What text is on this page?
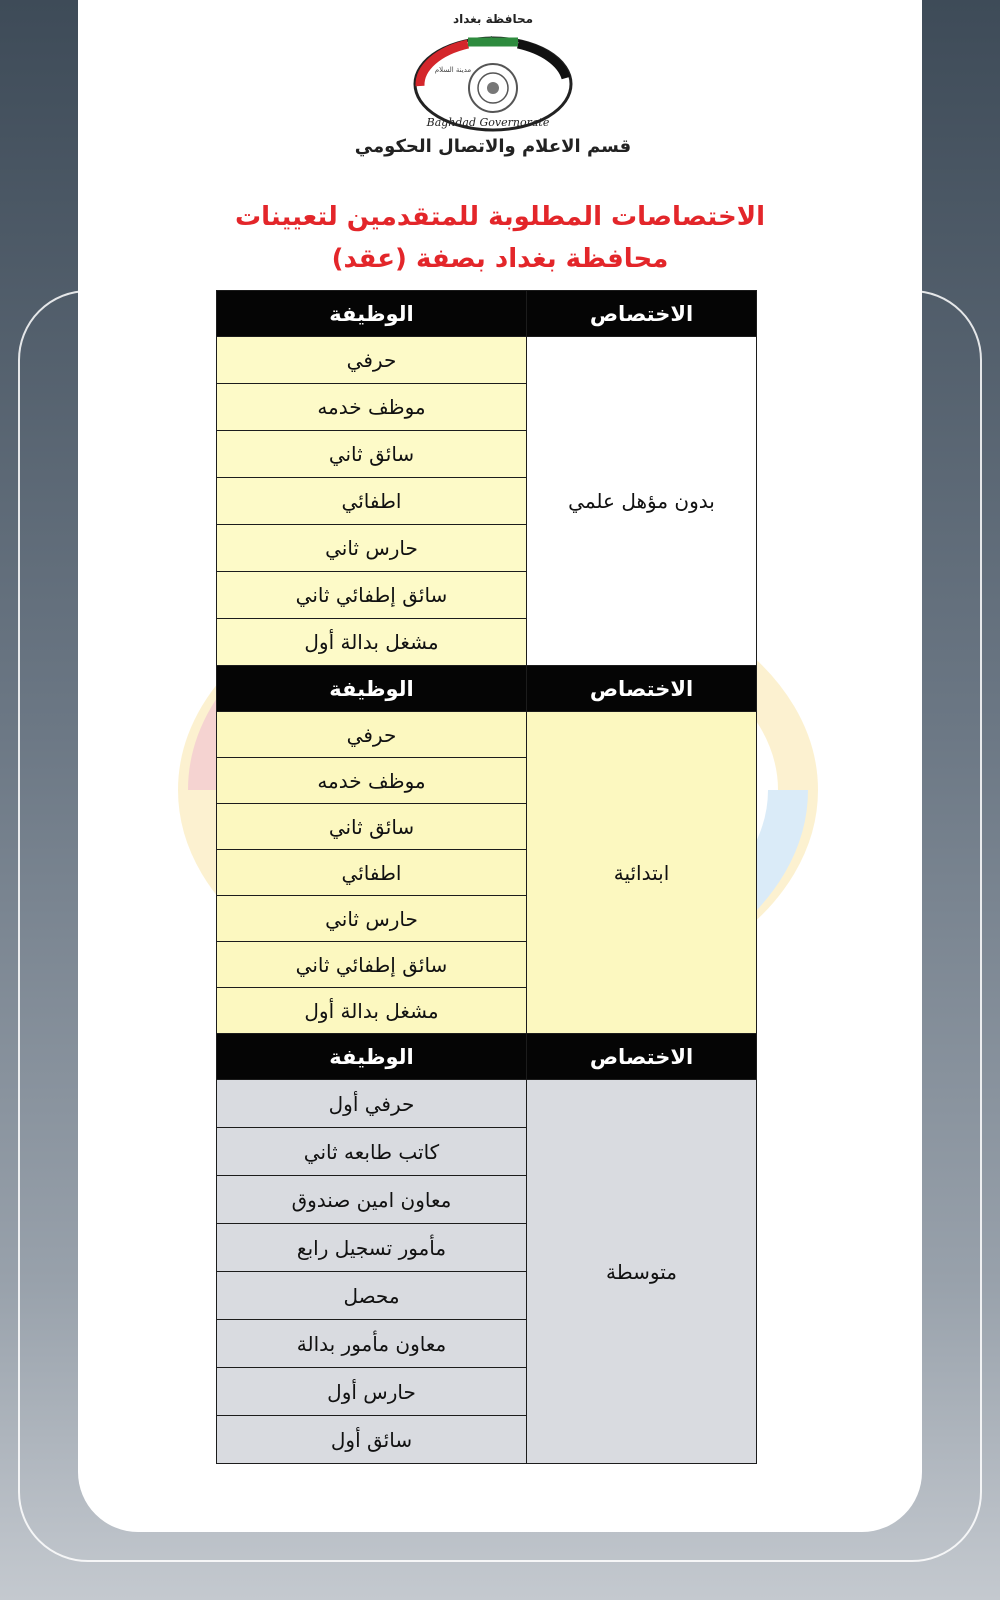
محافظة بغداد
الله أكبر
مدينة السلام
Baghdad Governorate
قسم الاعلام والاتصال الحكومي
الاختصاصات المطلوبة للمتقدمين لتعيينات
محافظة بغداد بصفة (عقد)
الاختصاص	الوظيفة
بدون مؤهل علمي	حرفي
	موظف خدمه
	سائق ثاني
	اطفائي
	حارس ثاني
	سائق إطفائي ثاني
	مشغل بدالة أول
الاختصاص	الوظيفة
ابتدائية	حرفي
	موظف خدمه
	سائق ثاني
	اطفائي
	حارس ثاني
	سائق إطفائي ثاني
	مشغل بدالة أول
الاختصاص	الوظيفة
متوسطة	حرفي أول
	كاتب طابعه ثاني
	معاون امين صندوق
	مأمور تسجيل رابع
	محصل
	معاون مأمور بدالة
	حارس أول
	سائق أول
